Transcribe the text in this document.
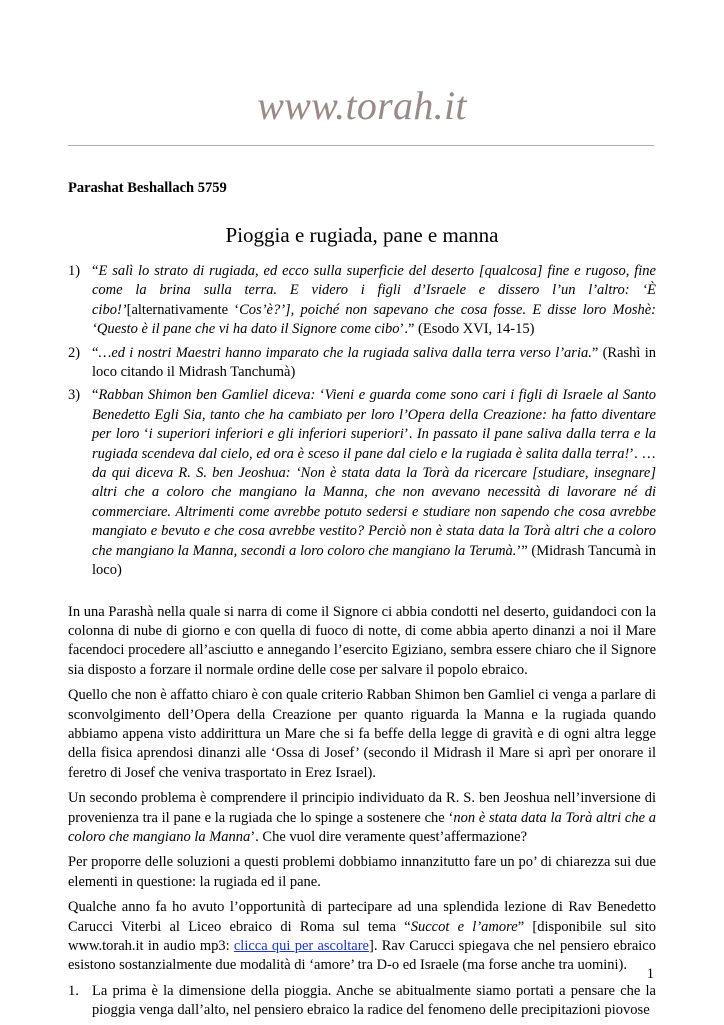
www.torah.it
Parashat Beshallach 5759
Pioggia e rugiada, pane e manna
1) “E salì lo strato di rugiada, ed ecco sulla superficie del deserto [qualcosa] fine e rugoso, fine come la brina sulla terra. E videro i figli d’Israele e dissero l’un l’altro: ‘È cibo!’[alternativamente ‘Cos’è?’], poiché non sapevano che cosa fosse. E disse loro Moshè: ‘Questo è il pane che vi ha dato il Signore come cibo’.” (Esodo XVI, 14-15)

2) “…ed i nostri Maestri hanno imparato che la rugiada saliva dalla terra verso l’aria.” (Rashì in loco citando il Midrash Tanchumà)

3) “Rabban Shimon ben Gamliel diceva: ‘Vieni e guarda come sono cari i figli di Israele al Santo Benedetto Egli Sia, tanto che ha cambiato per loro l’Opera della Creazione: ha fatto diventare per loro ‘i superiori inferiori e gli inferiori superiori’. In passato il pane saliva dalla terra e la rugiada scendeva dal cielo, ed ora è sceso il pane dal cielo e la rugiada è salita dalla terra!’. … da qui diceva R. S. ben Jeoshua: ‘Non è stata data la Torà da ricercare [studiare, insegnare] altri che a coloro che mangiano la Manna, che non avevano necessità di lavorare né di commerciare. Altrimenti come avrebbe potuto sedersi e studiare non sapendo che cosa avrebbe mangiato e bevuto e che cosa avrebbe vestito? Perciò non è stata data la Torà altri che a coloro che mangiano la Manna, secondi a loro coloro che mangiano la Terumà.’” (Midrash Tancumà in loco)

In una Parashà nella quale si narra di come il Signore ci abbia condotti nel deserto, guidandoci con la colonna di nube di giorno e con quella di fuoco di notte, di come abbia aperto dinanzi a noi il Mare facendoci procedere all’asciutto e annegando l’esercito Egiziano, sembra essere chiaro che il Signore sia disposto a forzare il normale ordine delle cose per salvare il popolo ebraico.

Quello che non è affatto chiaro è con quale criterio Rabban Shimon ben Gamliel ci venga a parlare di sconvolgimento dell’Opera della Creazione per quanto riguarda la Manna e la rugiada quando abbiamo appena visto addirittura un Mare che si fa beffe della legge di gravità e di ogni altra legge della fisica aprendosi dinanzi alle ‘Ossa di Josef’ (secondo il Midrash il Mare si aprì per onorare il feretro di Josef che veniva trasportato in Erez Israel).

Un secondo problema è comprendere il principio individuato da R. S. ben Jeoshua nell’inversione di provenienza tra il pane e la rugiada che lo spinge a sostenere che ‘non è stata data la Torà altri che a coloro che mangiano la Manna’. Che vuol dire veramente quest’affermazione?

Per proporre delle soluzioni a questi problemi dobbiamo innanzitutto fare un po’ di chiarezza sui due elementi in questione: la rugiada ed il pane.

Qualche anno fa ho avuto l’opportunità di partecipare ad una splendida lezione di Rav Benedetto Carucci Viterbi al Liceo ebraico di Roma sul tema “Succot e l’amore” [disponibile sul sito www.torah.it in audio mp3: clicca qui per ascoltare]. Rav Carucci spiegava che nel pensiero ebraico esistono sostanzialmente due modalità di ‘amore’ tra D-o ed Israele (ma forse anche tra uomini).

1. La prima è la dimensione della pioggia. Anche se abitualmente siamo portati a pensare che la pioggia venga dall’alto, nel pensiero ebraico la radice del fenomeno delle precipitazioni piovose

1
